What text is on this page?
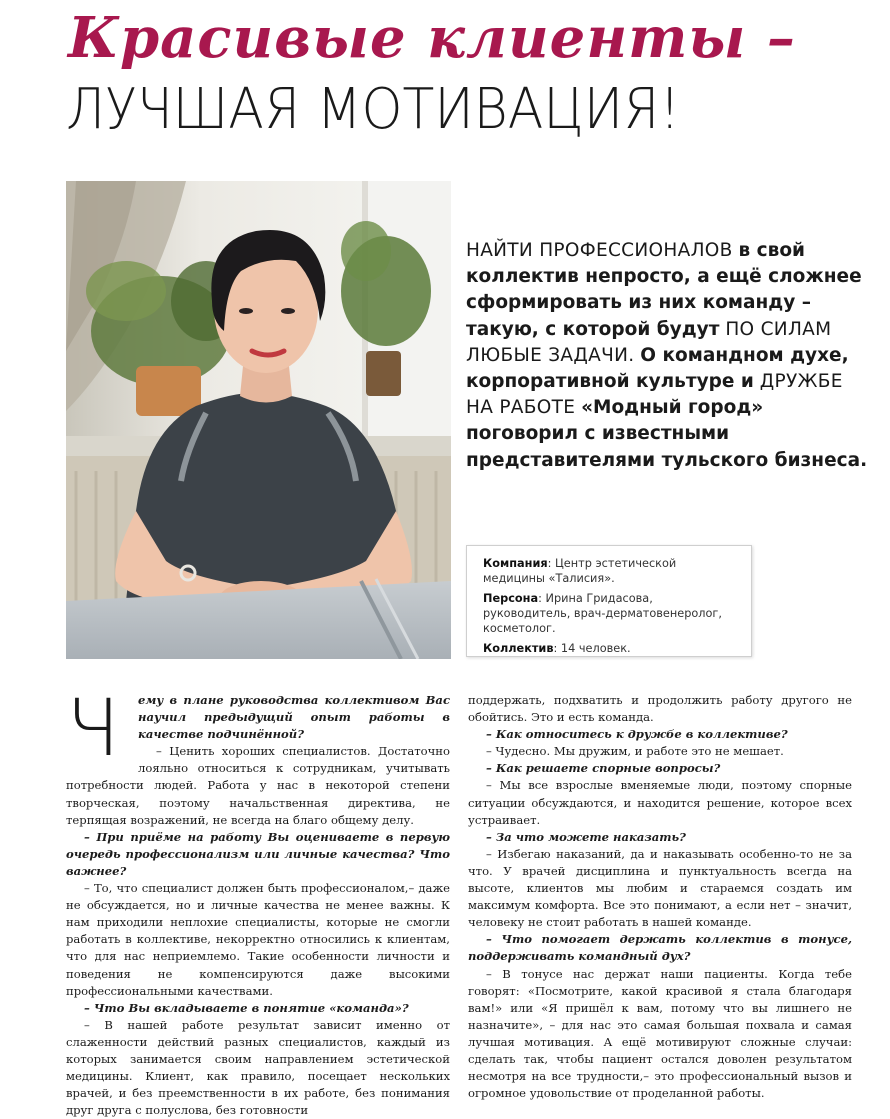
Красивые клиенты –
ЛУЧШАЯ МОТИВАЦИЯ!
НАЙТИ ПРОФЕССИОНАЛОВ в свой коллектив непросто, а ещё сложнее сформировать из них команду – такую, с которой будут ПО СИЛАМ ЛЮБЫЕ ЗАДАЧИ. О командном духе, корпоративной культуре и ДРУЖБЕ НА РАБОТЕ «Модный город» поговорил с известными представителями тульского бизнеса.

Компания: Центр эстетической медицины «Талисия».

Персона: Ирина Гридасова, руководитель, врач-дерматовенеролог, косметолог.

Коллектив: 14 человек.

Ч	ему в плане руководства коллективом Вас научил предыдущий опыт работы в качестве подчинённой?

– Ценить хороших специалистов. Достаточно лояльно относиться к сотрудникам, учитывать потребности людей. Работа у нас в некоторой степени творческая, поэтому начальственная директива, не терпящая возражений, не всегда на благо общему делу.

– При приёме на работу Вы оцениваете в первую очередь профессионализм или личные качества? Что важнее?

– То, что специалист должен быть профессионалом,– даже не обсуждается, но и личные качества не менее важны. К нам приходили неплохие специалисты, которые не смогли работать в коллективе, некорректно относились к клиентам, что для нас неприемлемо. Такие особенности личности и поведения не компенсируются даже высокими профессиональными качествами.

– Что Вы вкладываете в понятие «команда»?

– В нашей работе результат зависит именно от слаженности действий разных специалистов, каждый из которых занимается своим направлением эстетической медицины. Клиент, как правило, посещает нескольких врачей, и без преемственности в их работе, без понимания друг друга с полуслова, без готовности

поддержать, подхватить и продолжить работу другого не обойтись. Это и есть команда.

– Как относитесь к дружбе в коллективе?

– Чудесно. Мы дружим, и работе это не мешает.

– Как решаете спорные вопросы?

– Мы все взрослые вменяемые люди, поэтому спорные ситуации обсуждаются, и находится решение, которое всех устраивает.

– За что можете наказать?

– Избегаю наказаний, да и наказывать особенно-то не за что. У врачей дисциплина и пунктуальность всегда на высоте, клиентов мы любим и стараемся создать им максимум комфорта. Все это понимают, а если нет – значит, человеку не стоит работать в нашей команде.

– Что помогает держать коллектив в тонусе, поддерживать командный дух?

– В тонусе нас держат наши пациенты. Когда тебе говорят: «Посмотрите, какой красивой я стала благодаря вам!» или «Я пришёл к вам, потому что вы лишнего не назначите», – для нас это самая большая похвала и самая лучшая мотивация. А ещё мотивируют сложные случаи: сделать так, чтобы пациент остался доволен результатом несмотря на все трудности,– это профессиональный вызов и огромное удовольствие от проделанной работы.
